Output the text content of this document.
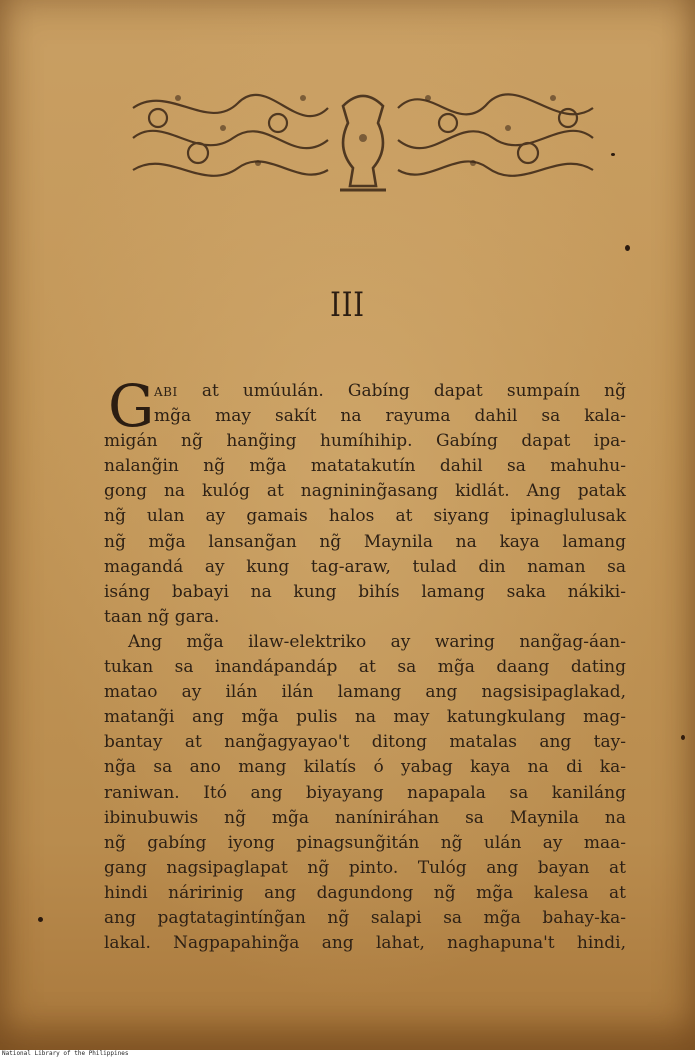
III
G abi at umúulán. Gabíng dapat sumpaín ng̃
mg̃a may sakít na rayuma dahil sa kala-
migán ng̃ hang̃ing humíhihip. Gabíng dapat ipa-
nalang̃in ng̃ mg̃a matatakutín dahil sa mahuhu-
gong na kulóg at nagnining̃asang kidlát. Ang patak
ng̃ ulan ay gamais halos at siyang ipinaglulusak
ng̃ mg̃a lansang̃an ng̃ Maynila na kaya lamang
magandá ay kung tag-araw, tulad din naman sa
isáng babayi na kung bihís lamang saka nákiki-
taan ng̃ gara.
Ang mg̃a ilaw-elektriko ay waring nang̃ag-áan-
tukan sa inandápandáp at sa mg̃a daang dating
matao ay ilán ilán lamang ang nagsisipaglakad,
matang̃i ang mg̃a pulis na may katungkulang mag-
bantay at nang̃agyayao't ditong matalas ang tay-
ng̃a sa ano mang kilatís ó yabag kaya na di ka-
raniwan. Itó ang biyayang napapala sa kaniláng
ibinubuwis ng̃ mg̃a naníniráhan sa Maynila na
ng̃ gabíng iyong pinagsung̃itán ng̃ ulán ay maa-
gang nagsipaglapat ng̃ pinto. Tulóg ang bayan at
hindi náririnig ang dagundong ng̃ mg̃a kalesa at
ang pagtatagintíng̃an ng̃ salapi sa mg̃a bahay-ka-
lakal. Nagpapahing̃a ang lahat, naghapuna't hindi,
National Library of the Philippines
